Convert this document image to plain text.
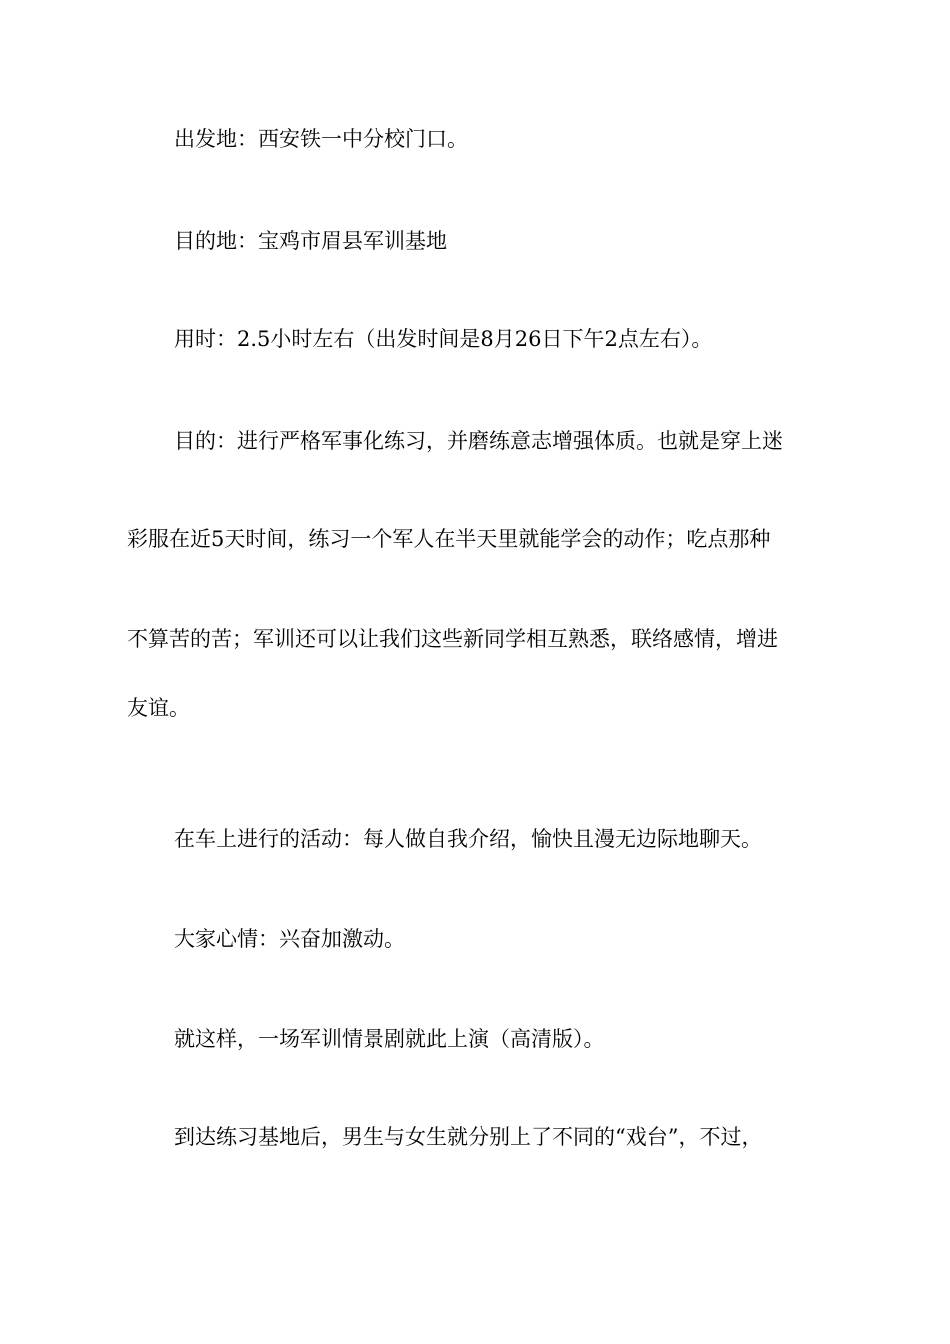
出发地：西安铁一中分校门口。
目的地：宝鸡市眉县军训基地
用时：2.5小时左右（出发时间是8月26日下午2点左右）。
目的：进行严格军事化练习，并磨练意志增强体质。也就是穿上迷
彩服在近5天时间，练习一个军人在半天里就能学会的动作；吃点那种
不算苦的苦；军训还可以让我们这些新同学相互熟悉，联络感情，增进
友谊。
在车上进行的活动：每人做自我介绍，愉快且漫无边际地聊天。
大家心情：兴奋加激动。
就这样，一场军训情景剧就此上演（高清版）。
到达练习基地后，男生与女生就分别上了不同的“戏台”，不过，
